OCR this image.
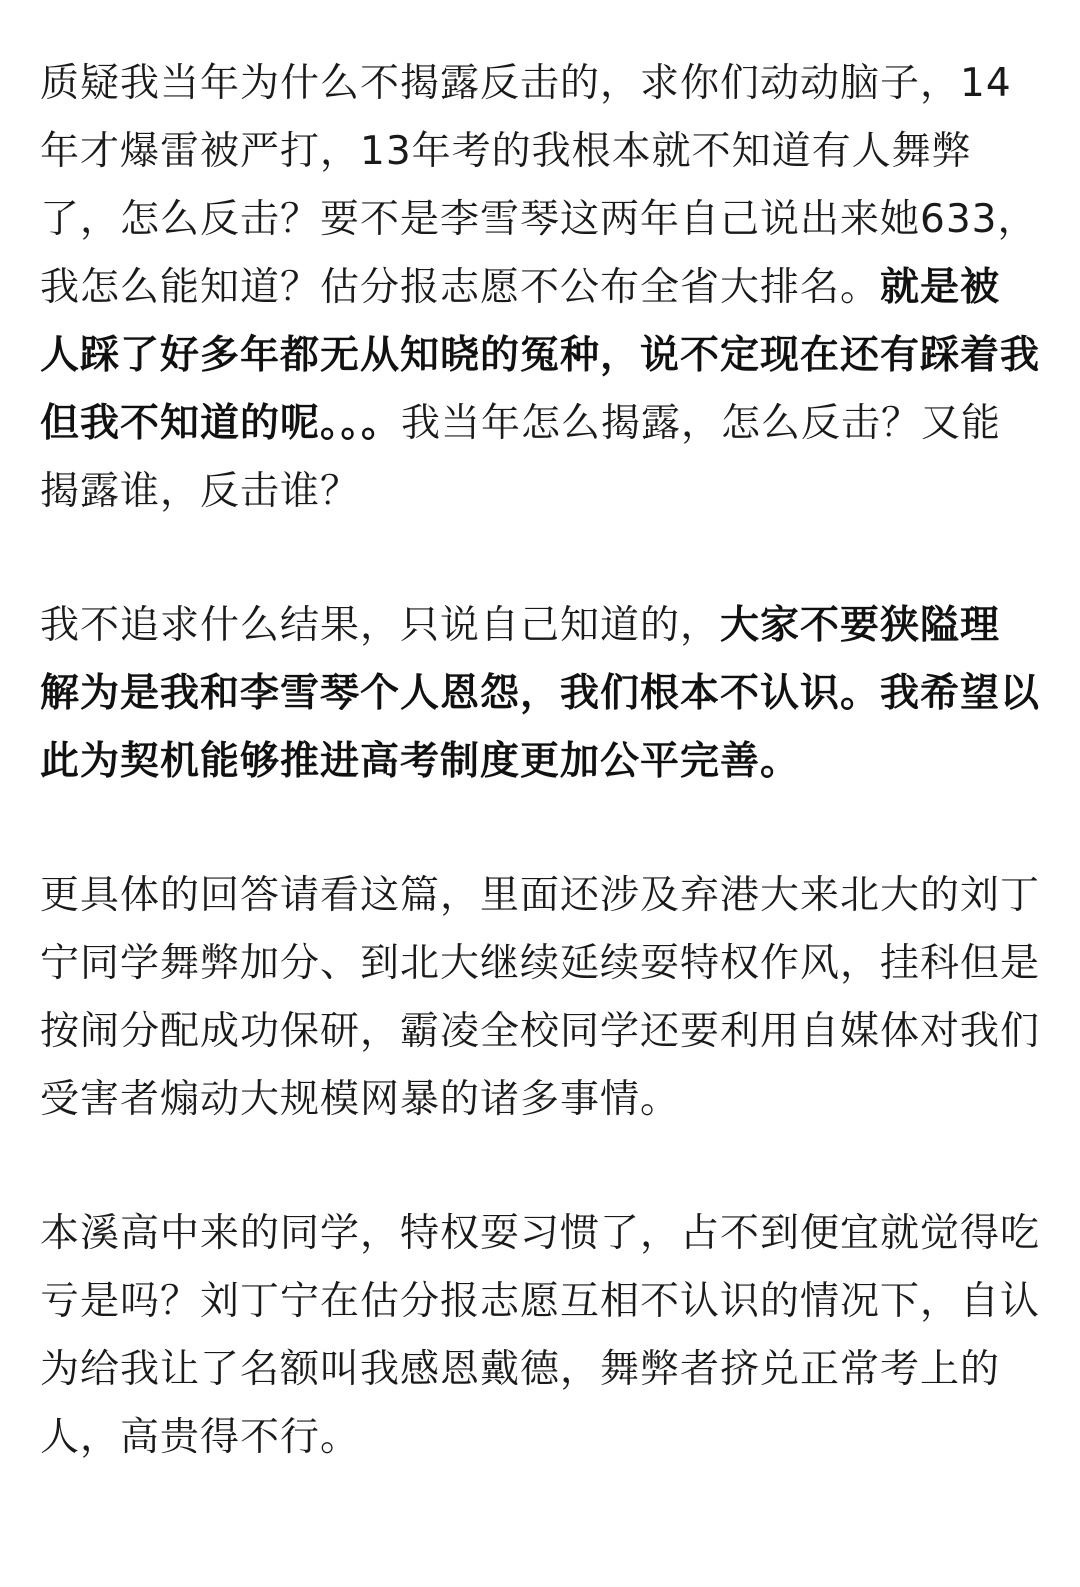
质疑我当年为什么不揭露反击的，求你们动动脑子，14年才爆雷被严打，13年考的我根本就不知道有人舞弊了，怎么反击？要不是李雪琴这两年自己说出来她633，我怎么能知道？估分报志愿不公布全省大排名。就是被人踩了好多年都无从知晓的冤种，说不定现在还有踩着我但我不知道的呢。。。我当年怎么揭露，怎么反击？又能揭露谁，反击谁？

我不追求什么结果，只说自己知道的，大家不要狭隘理解为是我和李雪琴个人恩怨，我们根本不认识。我希望以此为契机能够推进高考制度更加公平完善。

更具体的回答请看这篇，里面还涉及弃港大来北大的刘丁宁同学舞弊加分、到北大继续延续耍特权作风，挂科但是按闹分配成功保研，霸凌全校同学还要利用自媒体对我们受害者煽动大规模网暴的诸多事情。

本溪高中来的同学，特权耍习惯了，占不到便宜就觉得吃亏是吗？刘丁宁在估分报志愿互相不认识的情况下，自认为给我让了名额叫我感恩戴德，舞弊者挤兑正常考上的人，高贵得不行。
